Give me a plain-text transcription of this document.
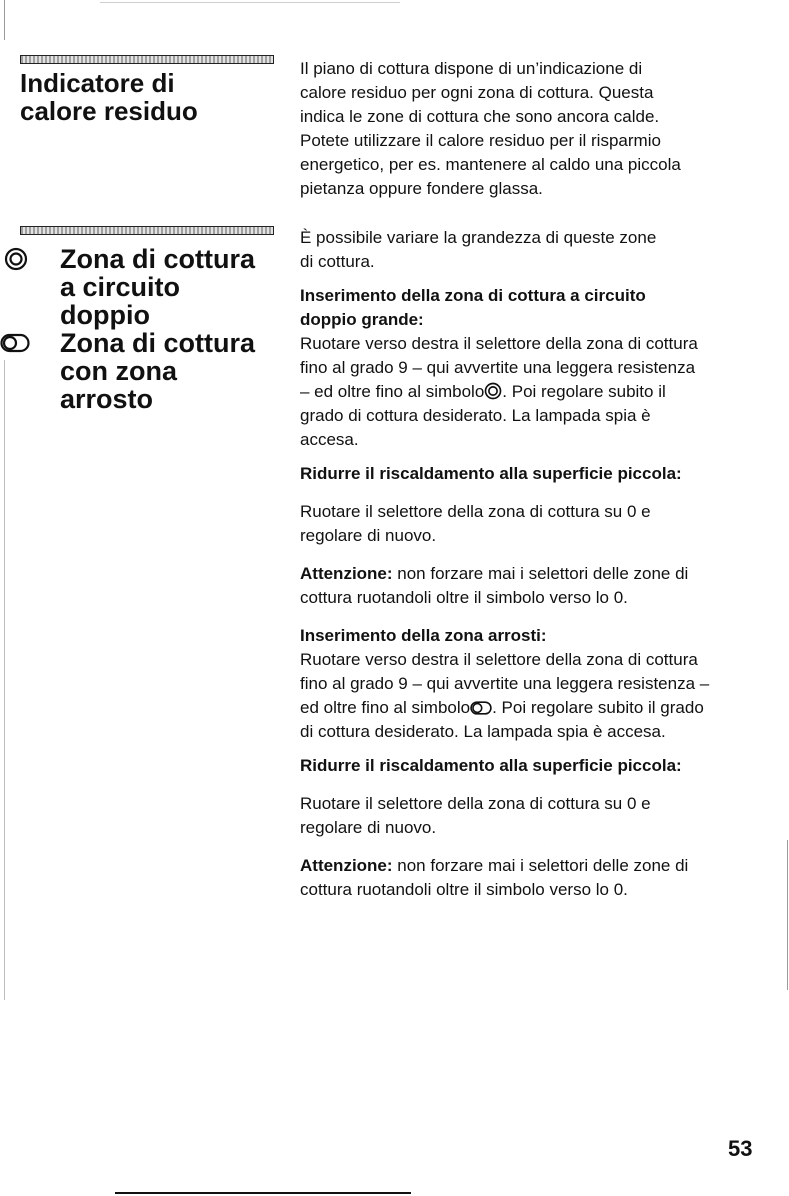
Indicatore di
calore residuo

Il piano di cottura dispone di un’indicazione di

calore residuo per ogni zona di cottura. Questa

indica le zone di cottura che sono ancora calde.

Potete utilizzare il calore residuo per il risparmio

energetico, per es. mantenere al caldo una piccola

pietanza oppure fondere glassa.

Zona di cottura
a circuito
doppio
Zona di cottura
con zona
arrosto

È possibile variare la grandezza di queste zone

di cottura.

Inserimento della zona di cottura a circuito

doppio grande:

Ruotare verso destra il selettore della zona di cottura

fino al grado 9 – qui avvertite una leggera resistenza

– ed oltre fino al simbolo . Poi regolare subito il

grado di cottura desiderato. La lampada spia è

accesa.

Ridurre il riscaldamento alla superficie piccola:

Ruotare il selettore della zona di cottura su 0 e

regolare di nuovo.

Attenzione: non forzare mai i selettori delle zone di

cottura ruotandoli oltre il simbolo verso lo 0.

Inserimento della zona arrosti:

Ruotare verso destra il selettore della zona di cottura

fino al grado 9 – qui avvertite una leggera resistenza –

ed oltre fino al simbolo . Poi regolare subito il grado

di cottura desiderato. La lampada spia è accesa.

Ridurre il riscaldamento alla superficie piccola:

Ruotare il selettore della zona di cottura su 0 e

regolare di nuovo.

Attenzione: non forzare mai i selettori delle zone di

cottura ruotandoli oltre il simbolo verso lo 0.

53
